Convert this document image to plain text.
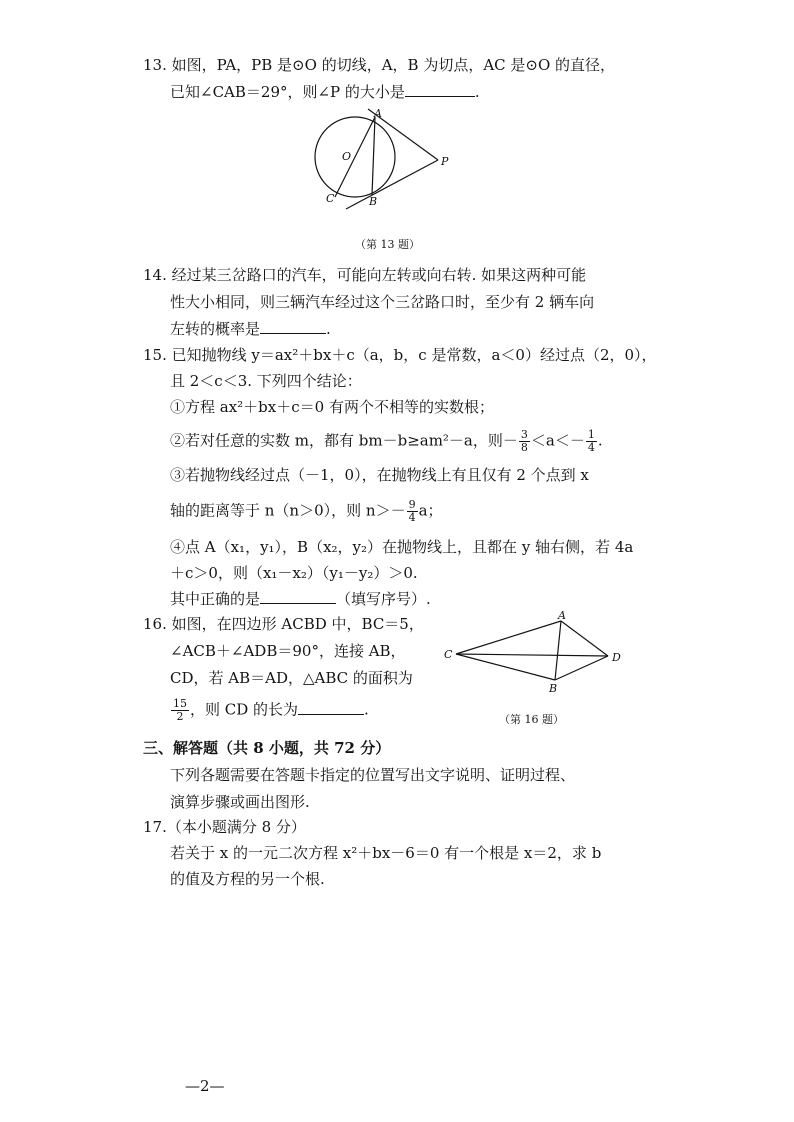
13. 如图，PA，PB 是⊙O 的切线，A，B 为切点，AC 是⊙O 的直径，
已知∠CAB＝29°，则∠P 的大小是	.
A
O	P
C	B
（第 13 题）
14. 经过某三岔路口的汽车，可能向左转或向右转. 如果这两种可能
性大小相同，则三辆汽车经过这个三岔路口时，至少有 2 辆车向
左转的概率是	.
15. 已知抛物线 y＝ax²＋bx＋c（a，b，c 是常数，a＜0）经过点（2，0），
且 2＜c＜3. 下列四个结论：
①方程 ax²＋bx＋c＝0 有两个不相等的实数根；
②若对任意的实数 m，都有 bm－b≥am²－a，则－ $\frac{3}{8} <a<- \frac{1}{4}$ .
③若抛物线经过点（－1，0），在抛物线上有且仅有 2 个点到 x
轴的距离等于 n（n＞0），则 $n>- \frac{9}{4}$ a；
④点 A（x₁，y₁），B（x₂，y₂）在抛物线上，且都在 y 轴右侧，若 4a
＋c＞0，则（x₁－x₂）（y₁－y₂）＞0.
其中正确的是	（填写序号）.
16. 如图，在四边形 ACBD 中，BC＝5，
∠ACB＋∠ADB＝90°，连接 AB，
CD，若 AB＝AD，△ABC 的面积为
$\frac{15}{2}$ ，则 CD 的长为	.
A
C	D
B
（第 16 题）
三、解答题（共 8 小题，共 72 分）
下列各题需要在答题卡指定的位置写出文字说明、证明过程、
演算步骤或画出图形.
17.（本小题满分 8 分）
若关于 x 的一元二次方程 x²＋bx－6＝0 有一个根是 x＝2，求 b
的值及方程的另一个根.
—2—
